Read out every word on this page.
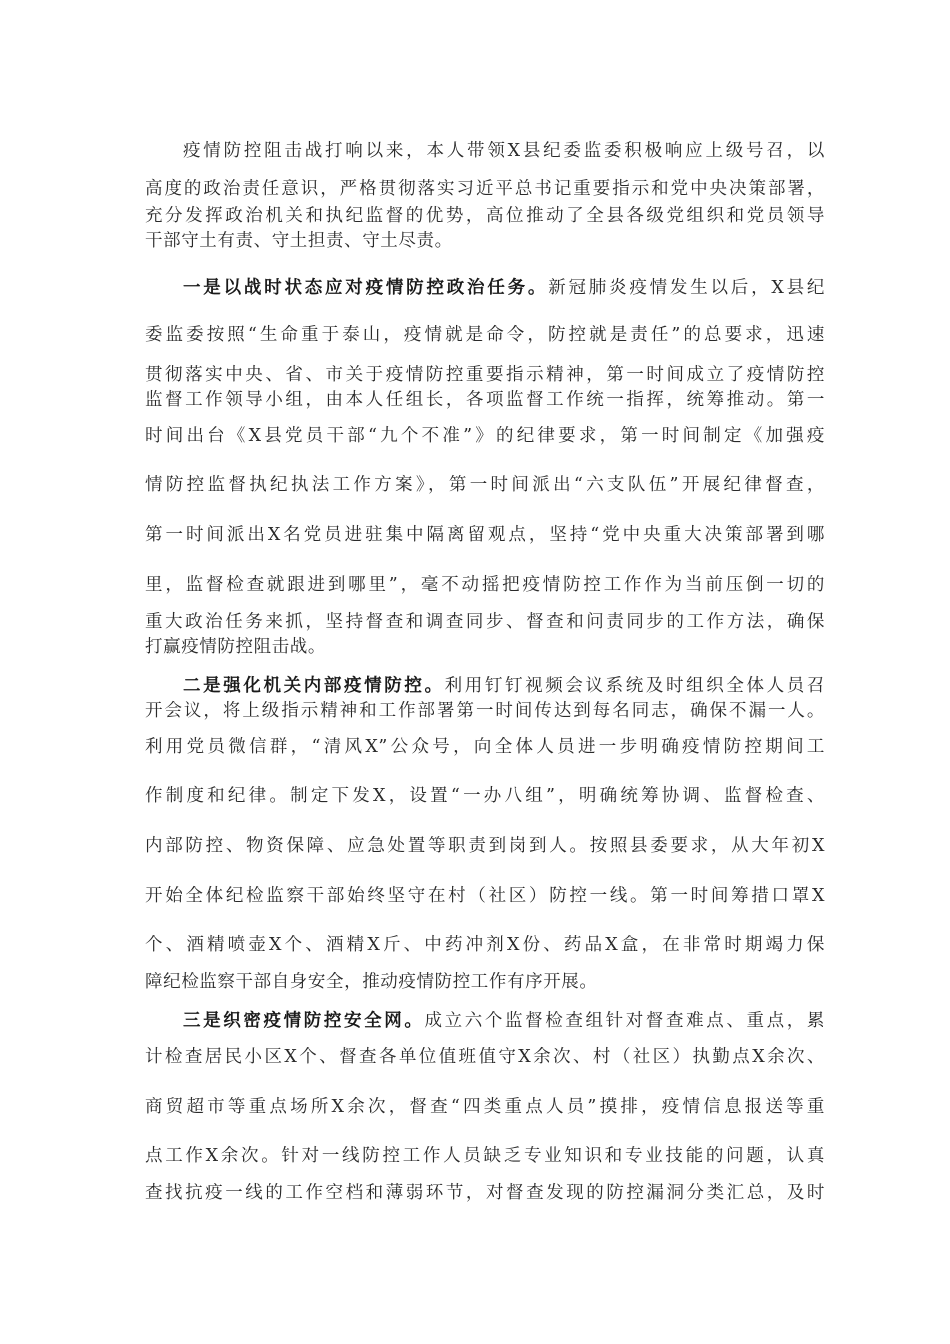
疫情防控阻击战打响以来，本人带领X县纪委监委积极响应上级号召，以
高度的政治责任意识，严格贯彻落实习近平总书记重要指示和党中央决策部署，
充分发挥政治机关和执纪监督的优势，高位推动了全县各级党组织和党员领导
干部守土有责、守土担责、守土尽责。
一是以战时状态应对疫情防控政治任务。新冠肺炎疫情发生以后，X县纪
委监委按照“生命重于泰山，疫情就是命令，防控就是责任”的总要求，迅速
贯彻落实中央、省、市关于疫情防控重要指示精神，第一时间成立了疫情防控
监督工作领导小组，由本人任组长，各项监督工作统一指挥，统筹推动。第一
时间出台《X县党员干部“九个不准”》的纪律要求，第一时间制定《加强疫
情防控监督执纪执法工作方案》，第一时间派出“六支队伍”开展纪律督查，
第一时间派出X名党员进驻集中隔离留观点，坚持“党中央重大决策部署到哪
里，监督检查就跟进到哪里”，毫不动摇把疫情防控工作作为当前压倒一切的
重大政治任务来抓，坚持督查和调查同步、督查和问责同步的工作方法，确保
打赢疫情防控阻击战。
二是强化机关内部疫情防控。利用钉钉视频会议系统及时组织全体人员召
开会议，将上级指示精神和工作部署第一时间传达到每名同志，确保不漏一人。
利用党员微信群，“清风X”公众号，向全体人员进一步明确疫情防控期间工
作制度和纪律。制定下发X，设置“一办八组”，明确统筹协调、监督检查、
内部防控、物资保障、应急处置等职责到岗到人。按照县委要求，从大年初X
开始全体纪检监察干部始终坚守在村（社区）防控一线。第一时间筹措口罩X
个、酒精喷壶X个、酒精X斤、中药冲剂X份、药品X盒，在非常时期竭力保
障纪检监察干部自身安全，推动疫情防控工作有序开展。
三是织密疫情防控安全网。成立六个监督检查组针对督查难点、重点，累
计检查居民小区X个、督查各单位值班值守X余次、村（社区）执勤点X余次、
商贸超市等重点场所X余次，督查“四类重点人员”摸排，疫情信息报送等重
点工作X余次。针对一线防控工作人员缺乏专业知识和专业技能的问题，认真
查找抗疫一线的工作空档和薄弱环节，对督查发现的防控漏洞分类汇总，及时
